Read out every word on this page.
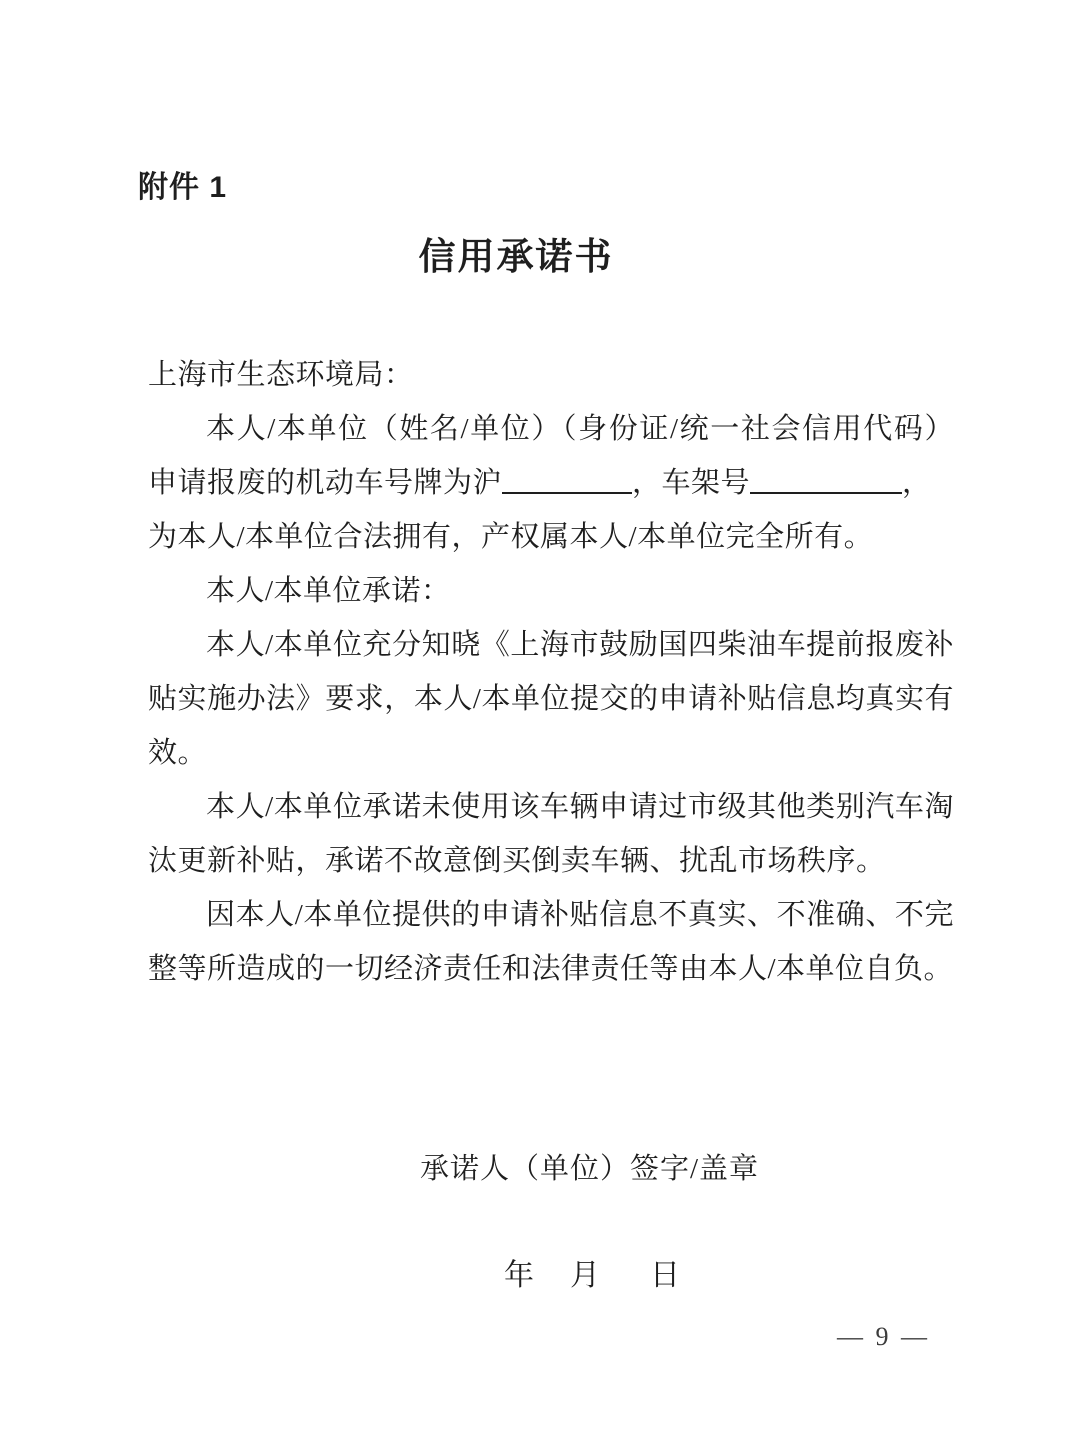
附件 1
信用承诺书
上海市生态环境局：
本人/本单位（姓名/单位）（身份证/统一社会信用代码）
申请报废的机动车号牌为沪	，车架号	，
为本人/本单位合法拥有，产权属本人/本单位完全所有。
本人/本单位承诺：
本人/本单位充分知晓《上海市鼓励国四柴油车提前报废补
贴实施办法》要求，本人/本单位提交的申请补贴信息均真实有
效。
本人/本单位承诺未使用该车辆申请过市级其他类别汽车淘
汰更新补贴，承诺不故意倒买倒卖车辆、扰乱市场秩序。
因本人/本单位提供的申请补贴信息不真实、不准确、不完
整等所造成的一切经济责任和法律责任等由本人/本单位自负。
承诺人（单位）签字/盖章
年 月 日
— 9 —
